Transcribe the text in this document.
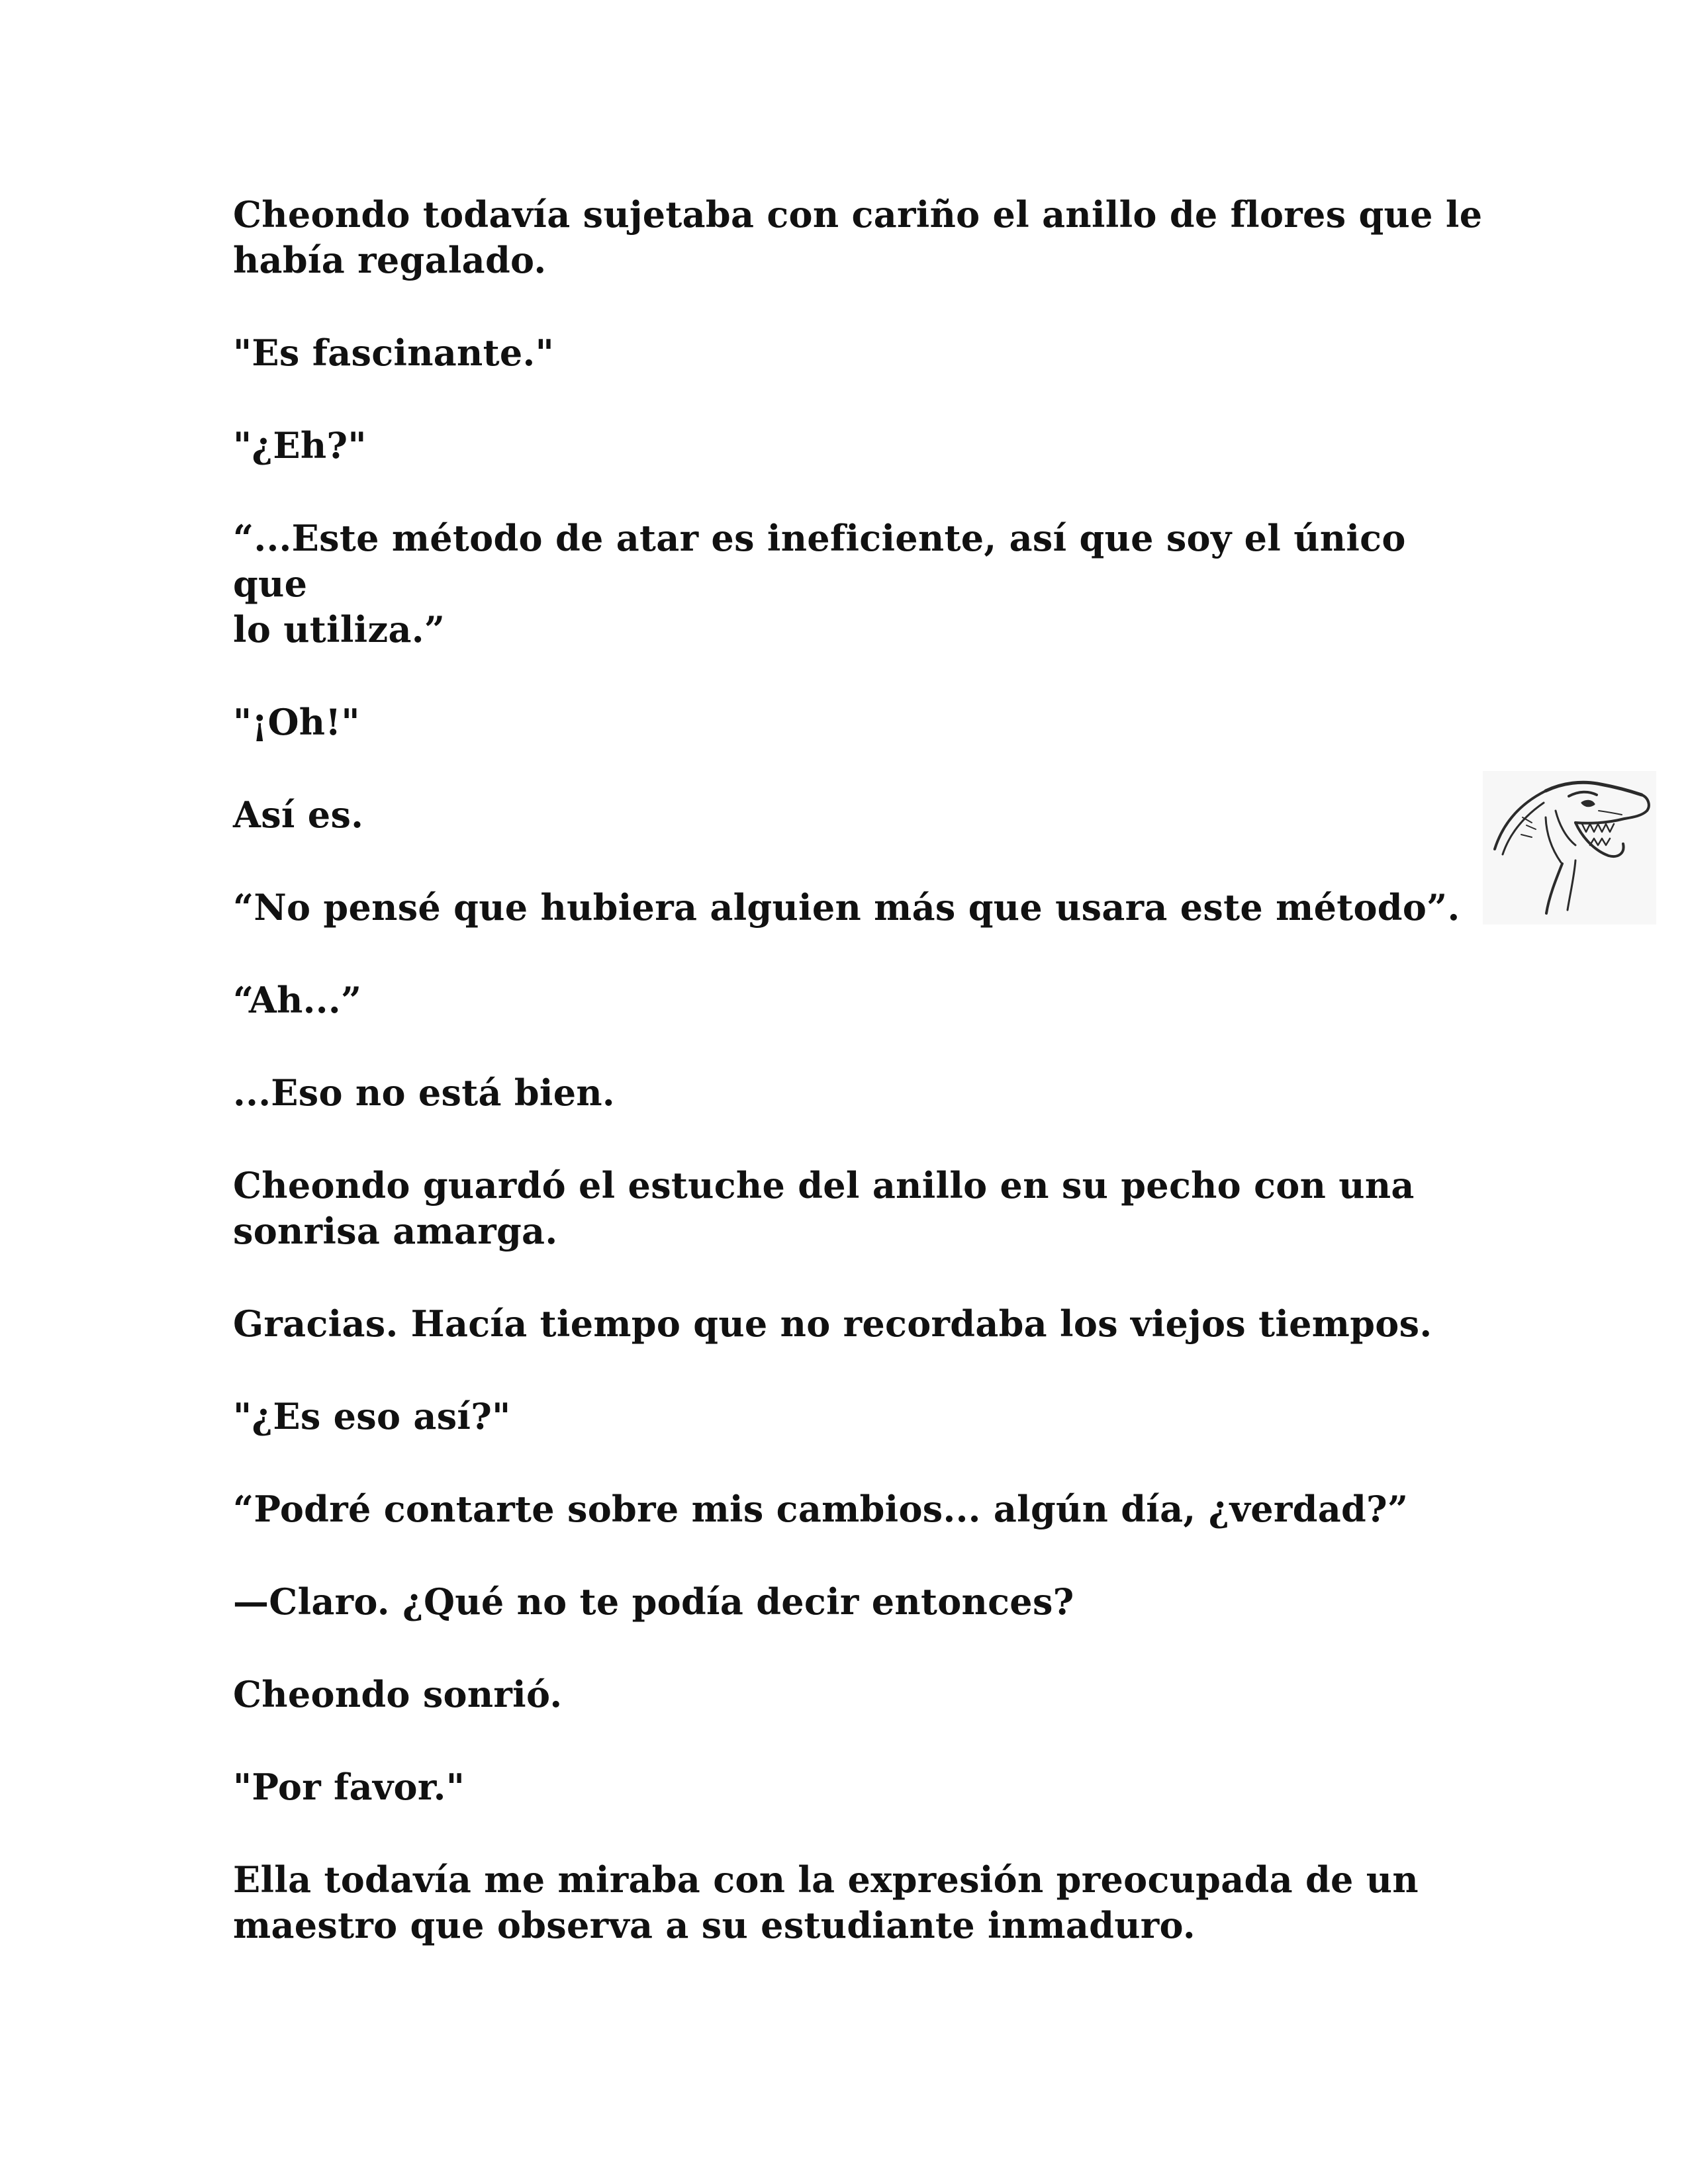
Cheondo todavía sujetaba con cariño el anillo de flores que le
había regalado.

"Es fascinante."

"¿Eh?"

“...Este método de atar es ineficiente, así que soy el único que
lo utiliza.”

"¡Oh!"

Así es.

“No pensé que hubiera alguien más que usara este método”.

“Ah...”

...Eso no está bien.

Cheondo guardó el estuche del anillo en su pecho con una
sonrisa amarga.

Gracias. Hacía tiempo que no recordaba los viejos tiempos.

"¿Es eso así?"

“Podré contarte sobre mis cambios... algún día, ¿verdad?”

—Claro. ¿Qué no te podía decir entonces?

Cheondo sonrió.

"Por favor."

Ella todavía me miraba con la expresión preocupada de un
maestro que observa a su estudiante inmaduro.
